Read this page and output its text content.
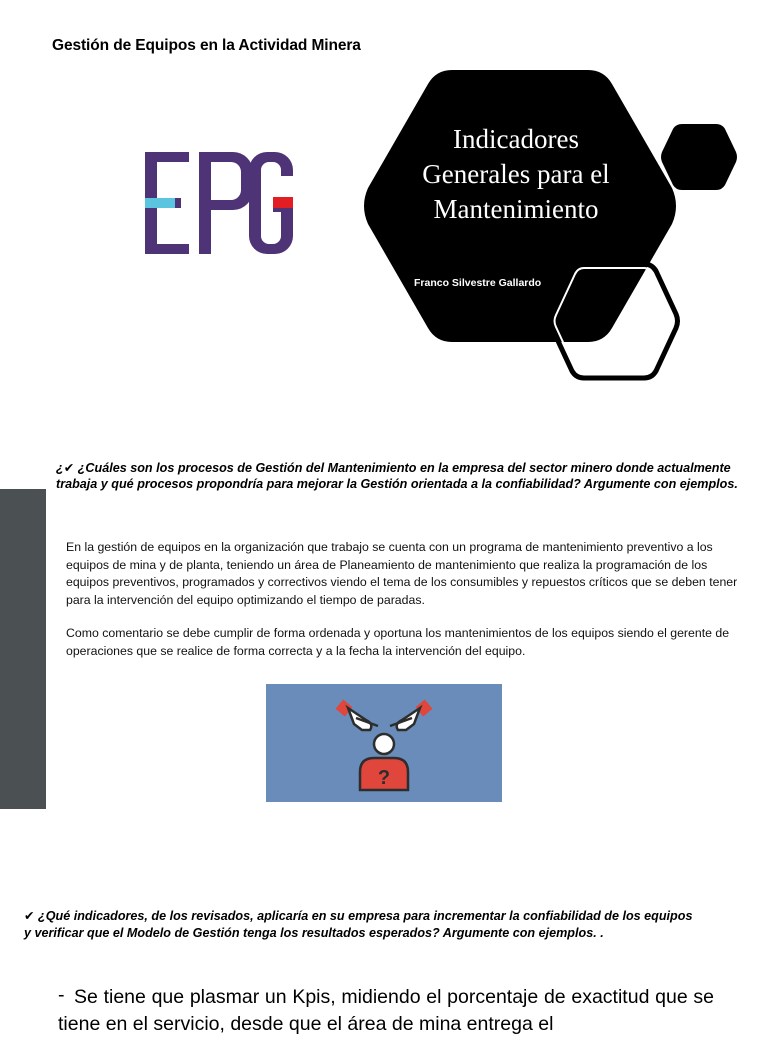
Gestión de Equipos en la Actividad Minera
Indicadores
Generales para el
Mantenimiento
Franco Silvestre Gallardo
¿✔ ¿Cuáles son los procesos de Gestión del Mantenimiento en la empresa del sector minero donde actualmente trabaja y qué procesos propondría para mejorar la Gestión orientada a la confiabilidad? Argumente con ejemplos.
En la gestión de equipos en la organización que trabajo se cuenta con un programa de mantenimiento preventivo a los equipos de mina y de planta, teniendo un área de Planeamiento de mantenimiento que realiza la programación de los equipos preventivos, programados y correctivos viendo el tema de los consumibles y repuestos críticos que se deben tener para la intervención del equipo optimizando el tiempo de paradas.
Como comentario se debe cumplir de forma ordenada y oportuna los mantenimientos de los equipos siendo el gerente de operaciones que se realice de forma correcta y a la fecha la intervención del equipo.
?
✔ ¿Qué indicadores, de los revisados, aplicaría en su empresa para incrementar la confiabilidad de los equipos
y verificar que el Modelo de Gestión tenga los resultados esperados? Argumente con ejemplos. .
- Se tiene que plasmar un Kpis, midiendo el porcentaje de exactitud que se tiene en el servicio, desde que el área de mina entrega el
